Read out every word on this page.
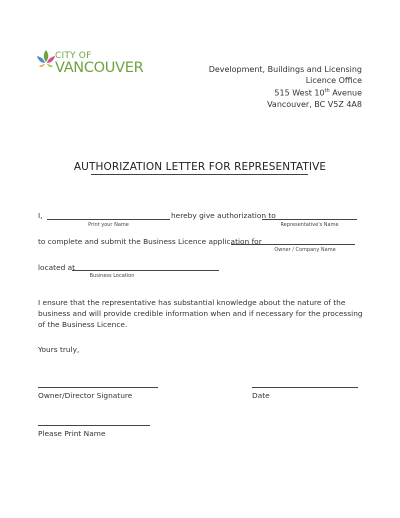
CITY OF
VANCOUVER	Development, Buildings and Licensing
Licence Office
515 West 10th Avenue
Vancouver, BC V5Z 4A8
AUTHORIZATION LETTER FOR REPRESENTATIVE
I,
Print your Name
hereby give authorization to
Representative's Name
to complete and submit the Business Licence application for
Owner / Company Name
located at
Business Location
I ensure that the representative has substantial knowledge about the nature of the business and will provide credible information when and if necessary for the processing of the Business Licence.
Yours truly,
Owner/Director Signature	Date
Please Print Name
